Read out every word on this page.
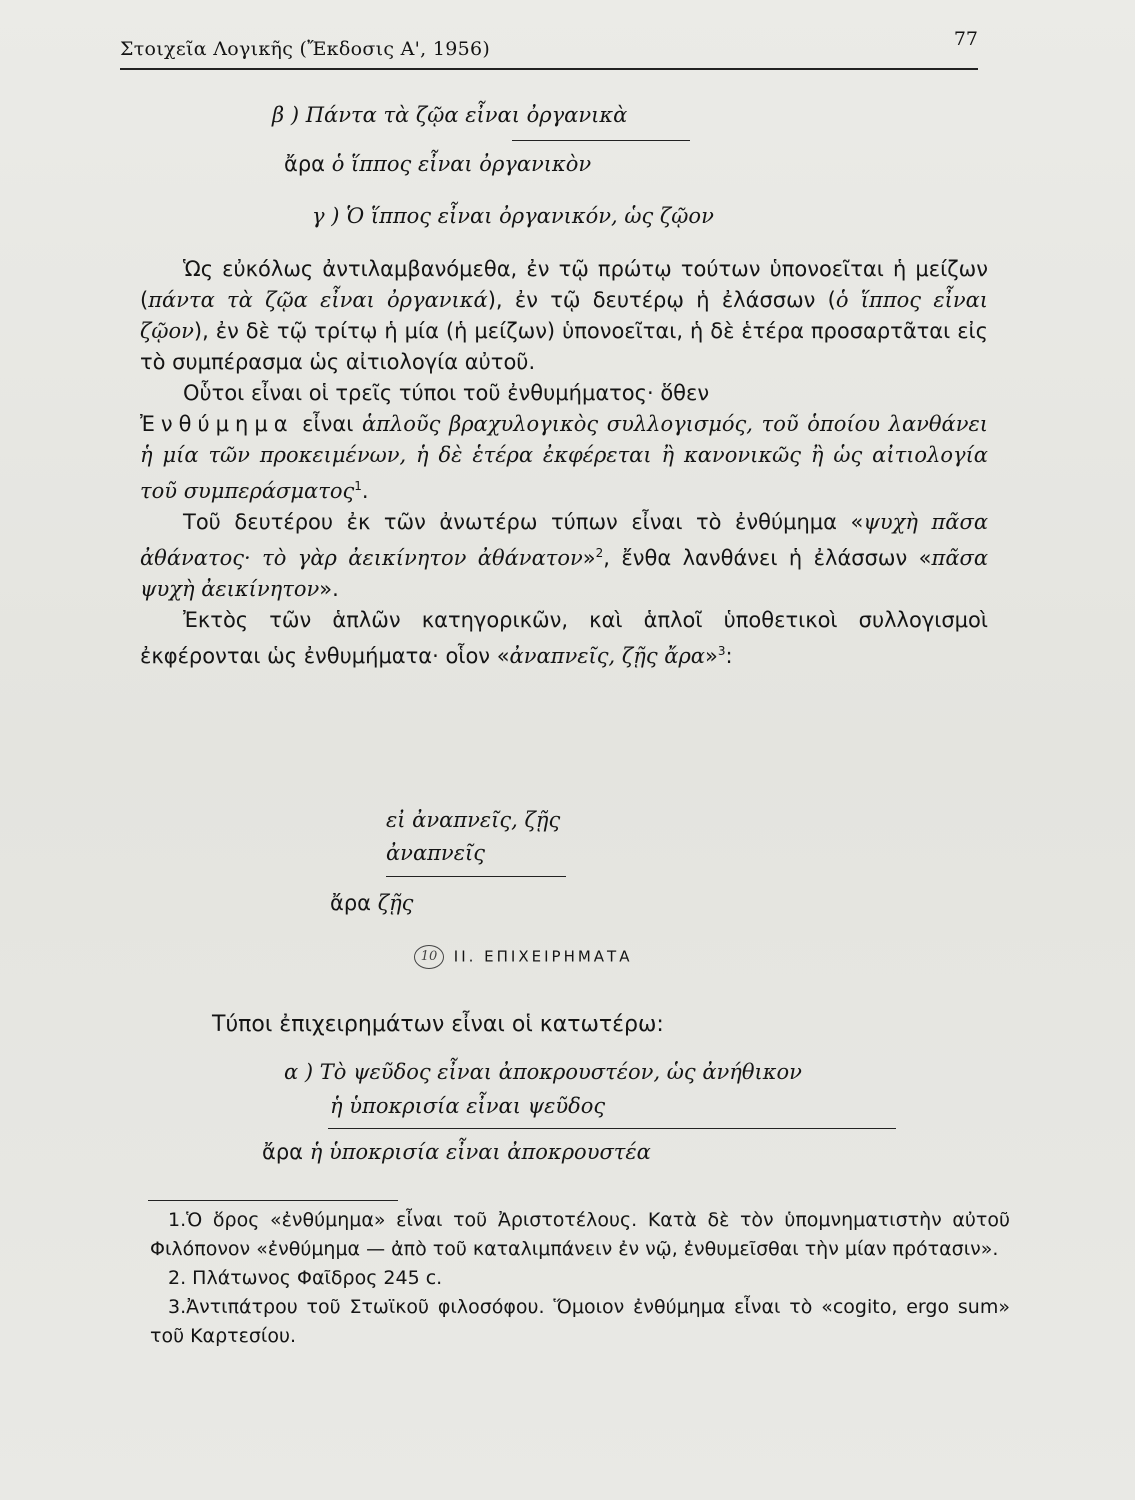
Στοιχεῖα Λογικῆς (Ἔκδοσις Α', 1956)	77
β ) Πάντα τὰ ζῷα εἶναι ὀργανικὰ
ἄρα ὁ ἵππος εἶναι ὀργανικὸν
γ ) Ὁ ἵππος εἶναι ὀργανικόν, ὡς ζῷον

Ὡς εὐκόλως ἀντιλαμβανόμεθα, ἐν τῷ πρώτῳ τούτων ὑπονοεῖται ἡ μείζων (πάντα τὰ ζῷα εἶναι ὀργανικά), ἐν τῷ δευτέρῳ ἡ ἐλάσσων (ὁ ἵππος εἶναι ζῷον), ἐν δὲ τῷ τρίτῳ ἡ μία (ἡ μείζων) ὑπονοεῖται, ἡ δὲ ἑτέρα προσαρτᾶται εἰς τὸ συμπέρασμα ὡς αἰτιολογία αὐτοῦ.

Οὗτοι εἶναι οἱ τρεῖς τύποι τοῦ ἐνθυμήματος· ὅθεν

Ἐνθύμημα εἶναι ἁπλοῦς βραχυλογικὸς συλλογισμός, τοῦ ὁποίου λανθάνει ἡ μία τῶν προκειμένων, ἡ δὲ ἑτέρα ἐκφέρεται ἢ κανονικῶς ἢ ὡς αἰτιολογία τοῦ συμπεράσματος$^1$.

Τοῦ δευτέρου ἐκ τῶν ἀνωτέρω τύπων εἶναι τὸ ἐνθύμημα «ψυχὴ πᾶσα ἀθάνατος· τὸ γὰρ ἀεικίνητον ἀθάνατον»$^2$, ἔνθα λανθάνει ἡ ἐλάσσων «πᾶσα ψυχὴ ἀεικίνητον».

Ἐκτὸς τῶν ἁπλῶν κατηγορικῶν, καὶ ἁπλοῖ ὑποθετικοὶ συλλογισμοὶ ἐκφέρονται ὡς ἐνθυμήματα· οἷον «ἀναπνεῖς, ζῇς ἄρα»$^3$:

εἰ ἀναπνεῖς, ζῇς
ἀναπνεῖς
ἄρα ζῇς
10 II. ΕΠΙΧΕΙΡΗΜΑΤΑ
Τύποι ἐπιχειρημάτων εἶναι οἱ κατωτέρω:
α ) Τὸ ψεῦδος εἶναι ἀποκρουστέον, ὡς ἀνήθικον
ἡ ὑποκρισία εἶναι ψεῦδος
ἄρα ἡ ὑποκρισία εἶναι ἀποκρουστέα

1.Ὁ ὅρος «ἐνθύμημα» εἶναι τοῦ Ἀριστοτέλους. Κατὰ δὲ τὸν ὑπομνηματιστὴν αὐτοῦ Φιλόπονον «ἐνθύμημα — ἀπὸ τοῦ καταλιμπάνειν ἐν νῷ, ἐνθυμεῖσθαι τὴν μίαν πρότασιν».

2. Πλάτωνος Φαῖδρος 245 c.

3.Ἀντιπάτρου τοῦ Στωϊκοῦ φιλοσόφου. Ὅμοιον ἐνθύμημα εἶναι τὸ «cogito, ergo sum» τοῦ Καρτεσίου.
